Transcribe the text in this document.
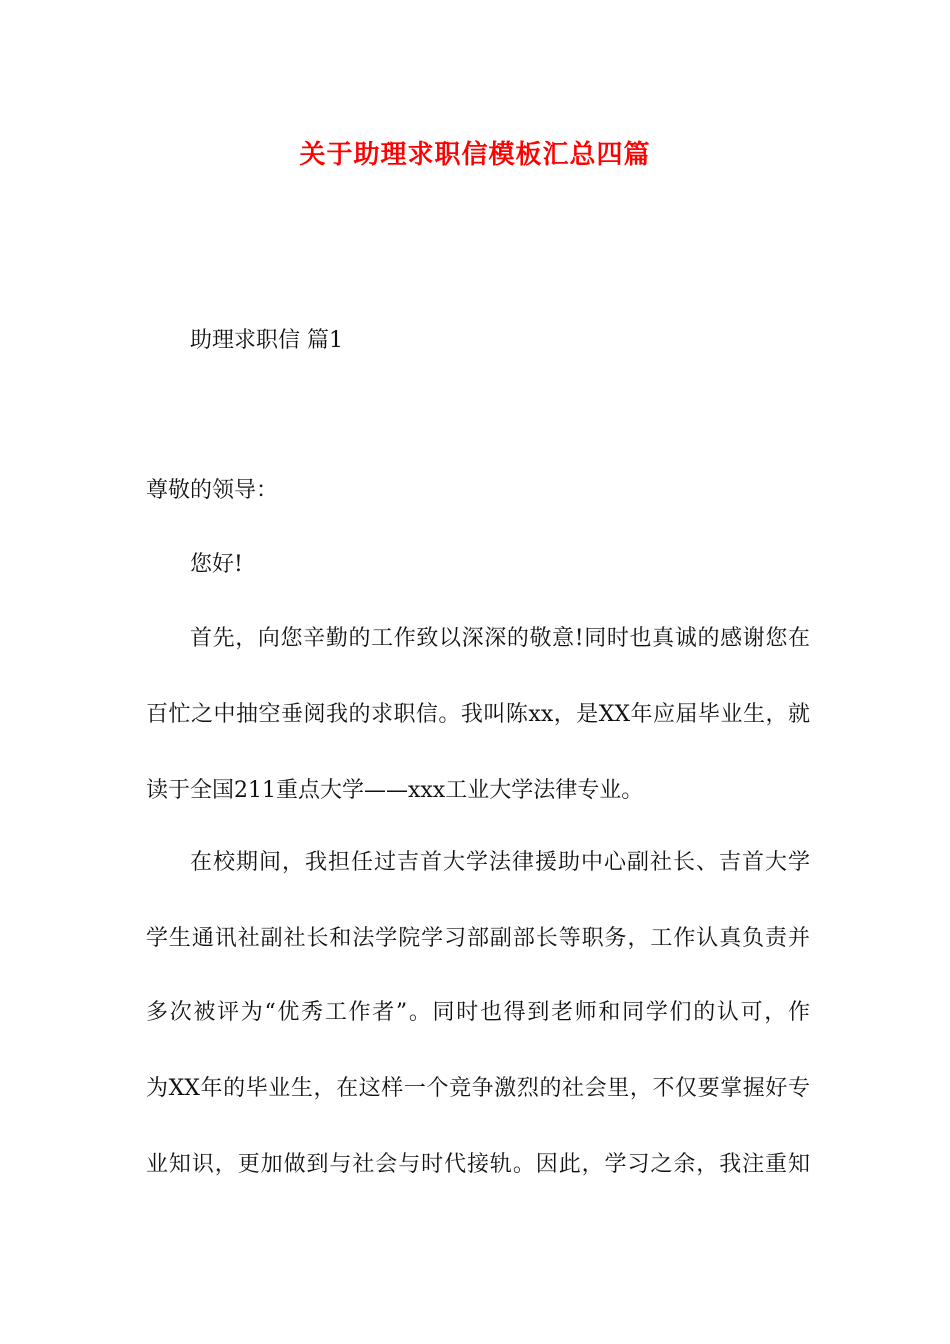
关于助理求职信模板汇总四篇

助理求职信 篇1

尊敬的领导：

您好!

首先，向您辛勤的工作致以深深的敬意!同时也真诚的感谢您在

百忙之中抽空垂阅我的求职信。我叫陈xx，是XX年应届毕业生，就

读于全国211重点大学——xxx工业大学法律专业。

在校期间，我担任过吉首大学法律援助中心副社长、吉首大学

学生通讯社副社长和法学院学习部副部长等职务，工作认真负责并

多次被评为“优秀工作者”。同时也得到老师和同学们的认可，作

为XX年的毕业生，在这样一个竞争激烈的社会里，不仅要掌握好专

业知识，更加做到与社会与时代接轨。因此，学习之余，我注重知
